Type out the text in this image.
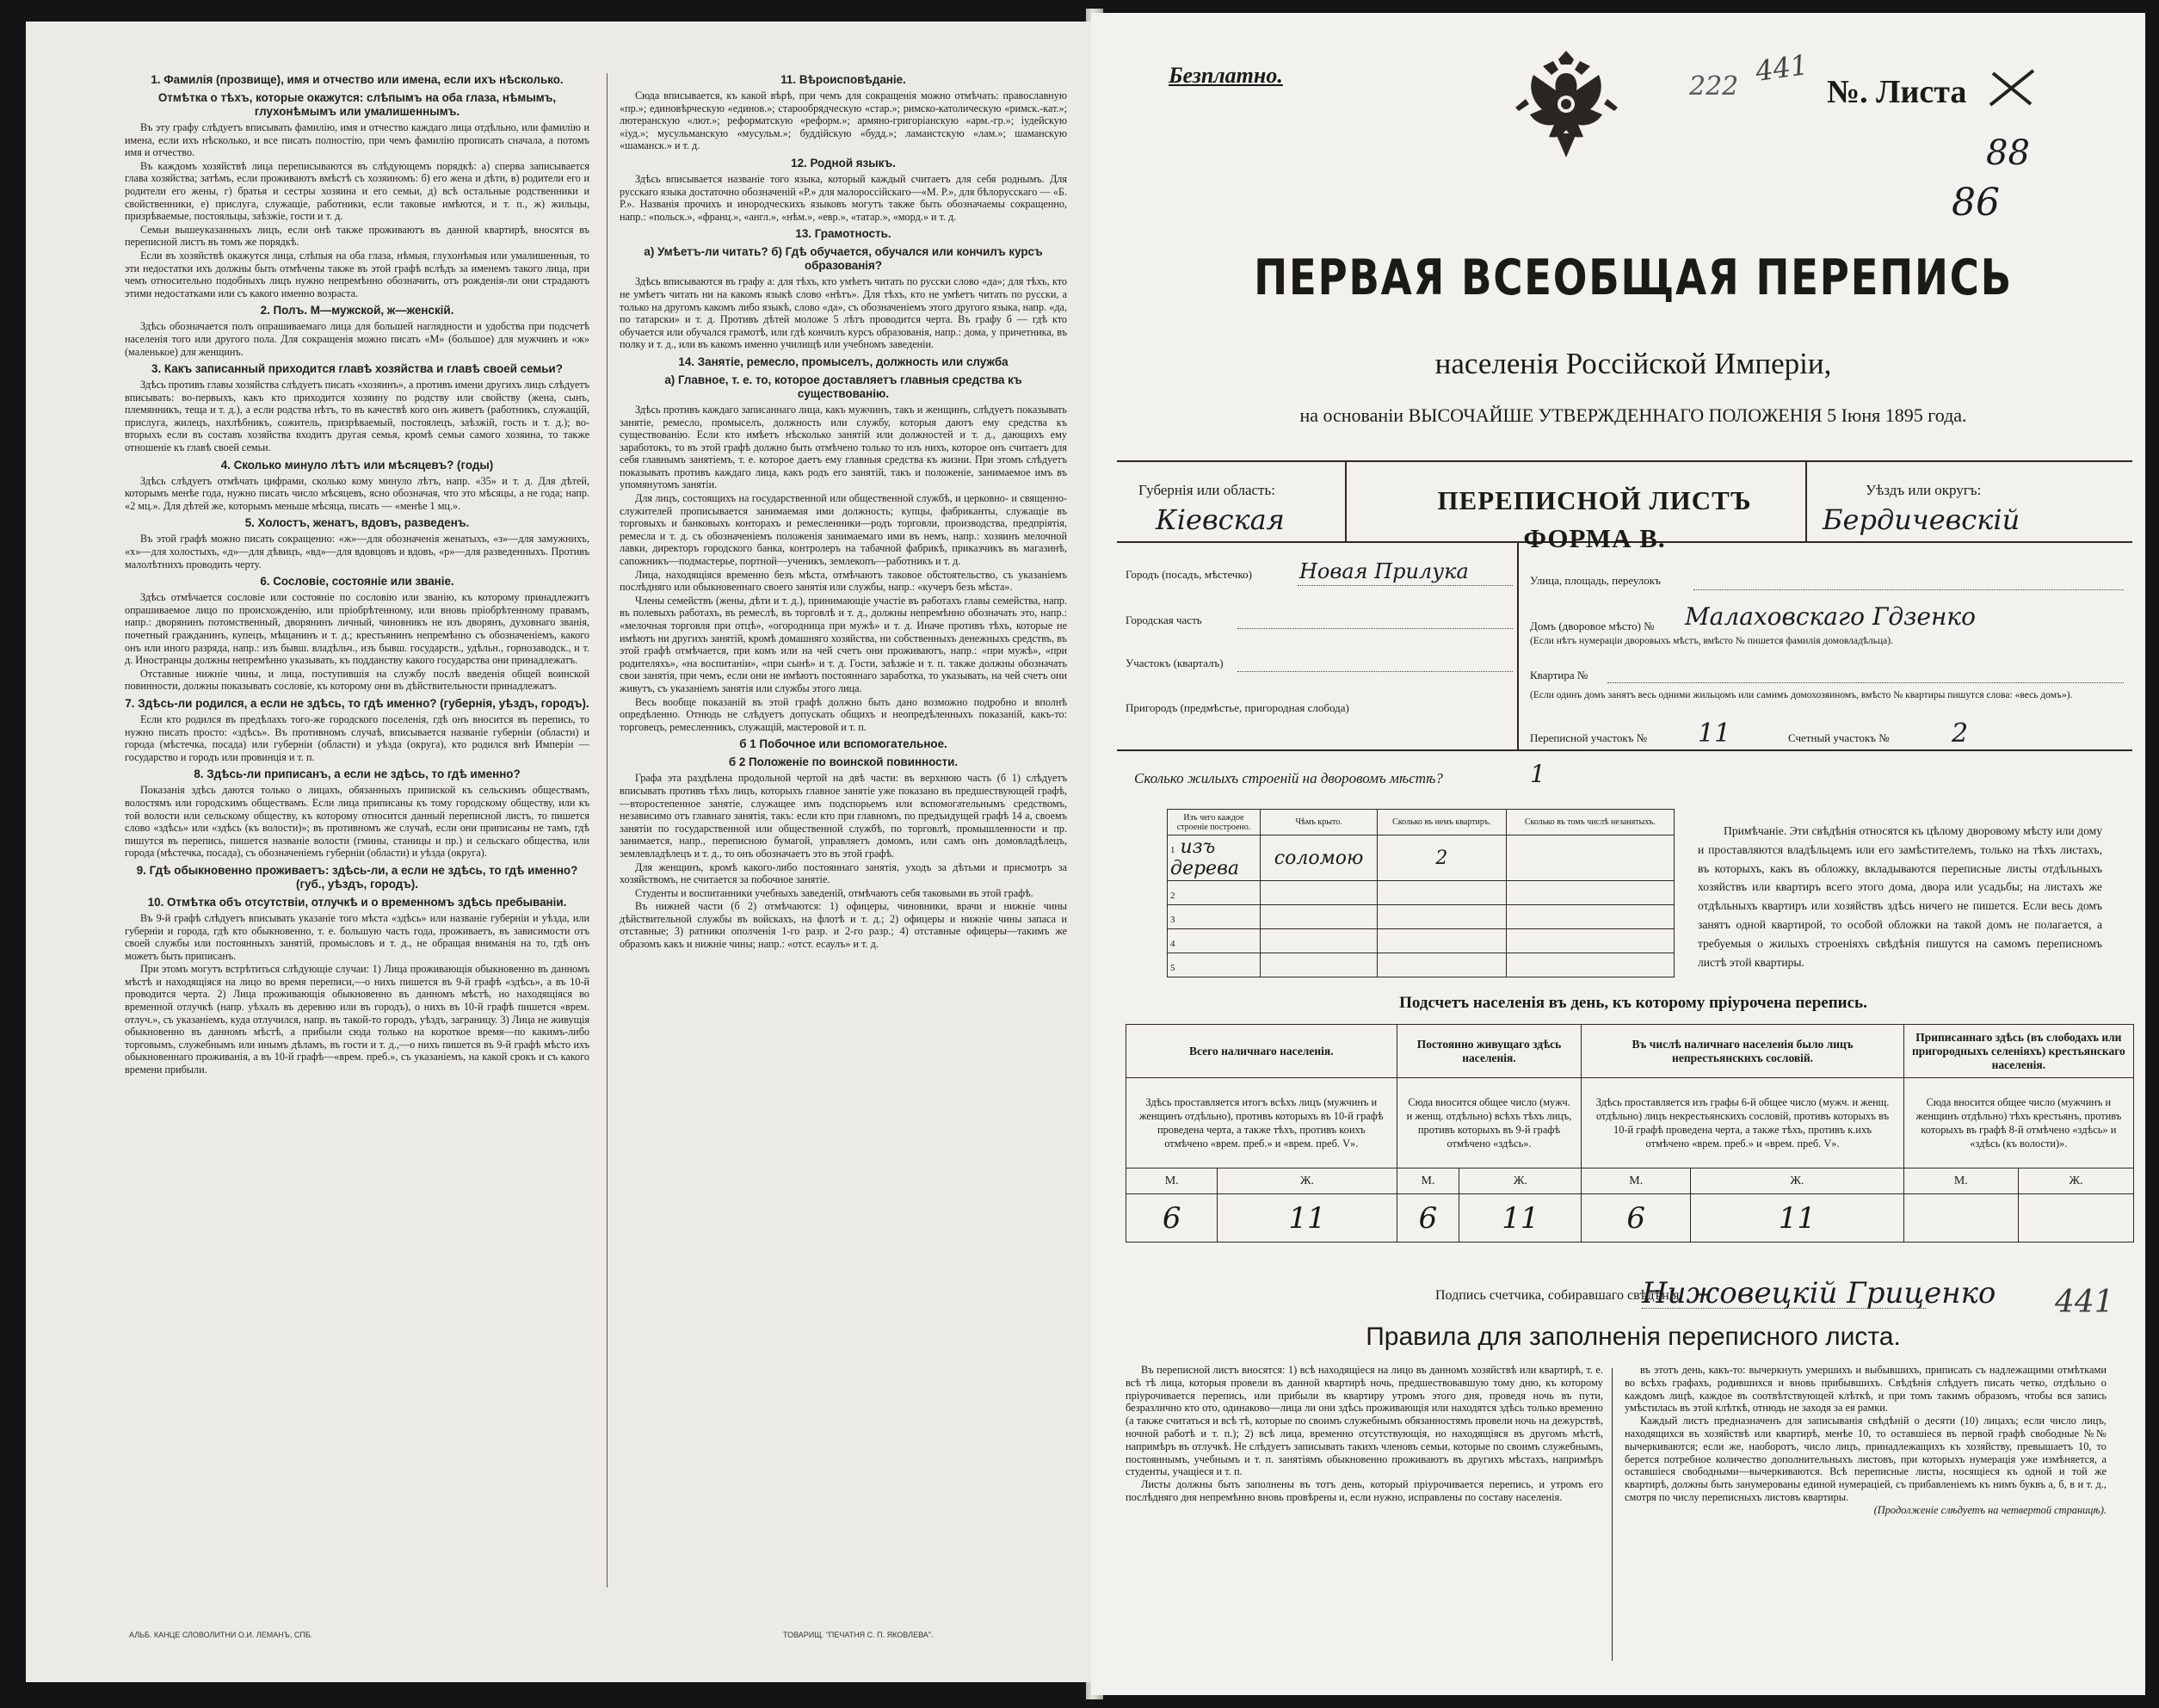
1. Фамилія (прозвище), имя и отчество или имена, если ихъ нѣсколько.
Отмѣтка о тѣхъ, которые окажутся: слѣпымъ на оба глаза, нѣмымъ, глухонѣмымъ или умалишеннымъ.

Въ эту графу слѣдуетъ вписывать фамилію, имя и отчество каждаго лица отдѣльно, или фамилію и имена, если ихъ нѣсколько, и все писать полностію, при чемъ фамилію прописать сначала, а потомъ имя и отчество.

Въ каждомъ хозяйствѣ лица переписываются въ слѣдующемъ порядкѣ: а) сперва записывается глава хозяйства; затѣмъ, если проживаютъ вмѣстѣ съ хозяиномъ: б) его жена и дѣти, в) родители его и родители его жены, г) братья и сестры хозяина и его семьи, д) всѣ остальные родственники и свойственники, е) прислуга, служащіе, работники, если таковые имѣются, и т. п., ж) жильцы, призрѣваемые, постояльцы, заѣзжіе, гости и т. д.

Семьи вышеуказанныхъ лицъ, если онѣ также проживаютъ въ данной квартирѣ, вносятся въ переписной листъ въ томъ же порядкѣ.

Если въ хозяйствѣ окажутся лица, слѣпыя на оба глаза, нѣмыя, глухонѣмыя или умалишенныя, то эти недостатки ихъ должны быть отмѣчены также въ этой графѣ вслѣдъ за именемъ такого лица, при чемъ относительно подобныхъ лицъ нужно непремѣнно обозначить, отъ рожденія-ли они страдаютъ этими недостатками или съ какого именно возраста.

2. Полъ. М—мужской, ж—женскій.

Здѣсь обозначается полъ опрашиваемаго лица для большей наглядности и удобства при подсчетѣ населенія того или другого пола. Для сокращенія можно писать «М» (большое) для мужчинъ и «ж» (маленькое) для женщинъ.

3. Какъ записанный приходится главѣ хозяйства и главѣ своей семьи?

Здѣсь противъ главы хозяйства слѣдуетъ писать «хозяинъ», а противъ имени другихъ лицъ слѣдуетъ вписывать: во-первыхъ, какъ кто приходится хозяину по родству или свойству (жена, сынъ, племянникъ, теща и т. д.), а если родства нѣтъ, то въ качествѣ кого онъ живетъ (работникъ, служащій, прислуга, жилецъ, нахлѣбникъ, сожитель, призрѣваемый, постоялецъ, заѣзжій, гость и т. д.); во-вторыхъ если въ составъ хозяйства входитъ другая семья, кромѣ семьи самого хозяина, то также отношеніе къ главѣ своей семьи.

4. Сколько минуло лѣтъ или мѣсяцевъ? (годы)

Здѣсь слѣдуетъ отмѣчать цифрами, сколько кому минуло лѣтъ, напр. «35» и т. д. Для дѣтей, которымъ менѣе года, нужно писать число мѣсяцевъ, ясно обозначая, что это мѣсяцы, а не года; напр. «2 мц.». Для дѣтей же, которымъ меньше мѣсяца, писать — «менѣе 1 мц.».

5. Холостъ, женатъ, вдовъ, разведенъ.

Въ этой графѣ можно писать сокращенно: «ж»—для обозначенія женатыхъ, «з»—для замужнихъ, «х»—для холостыхъ, «д»—для дѣвицъ, «вд»—для вдовцовъ и вдовъ, «р»—для разведенныхъ. Противъ малолѣтнихъ проводить черту.

6. Сословіе, состояніе или званіе.

Здѣсь отмѣчается сословіе или состояніе по сословію или званію, къ которому принадлежитъ опрашиваемое лицо по происхожденію, или пріобрѣтенному, или вновь пріобрѣтенному правамъ, напр.: дворянинъ потомственный, дворянинъ личный, чиновникъ не изъ дворянъ, духовнаго званія, почетный гражданинъ, купецъ, мѣщанинъ и т. д.; крестьянинъ непремѣнно съ обозначеніемъ, какого онъ или иного разряда, напр.: изъ бывш. владѣльч., изъ бывш. государств., удѣльн., горнозаводск., и т. д. Иностранцы должны непремѣнно указывать, къ подданству какого государства они принадлежатъ.

Отставные нижніе чины, и лица, поступившія на службу послѣ введенія общей воинской повинности, должны показывать сословіе, къ которому они въ дѣйствительности принадлежатъ.

7. Здѣсь-ли родился, а если не здѣсь, то гдѣ именно? (губернія, уѣздъ, городъ).

Если кто родился въ предѣлахъ того-же городского поселенія, гдѣ онъ вносится въ перепись, то нужно писать просто: «здѣсь». Въ противномъ случаѣ, вписывается названіе губерніи (области) и города (мѣстечка, посада) или губерніи (области) и уѣзда (округа), кто родился внѣ Имперіи — государство и городъ или провинція и т. п.

8. Здѣсь-ли приписанъ, а если не здѣсь, то гдѣ именно?

Показанія здѣсь даются только о лицахъ, обязанныхъ припиской къ сельскимъ обществамъ, волостямъ или городскимъ обществамъ. Если лица приписаны къ тому городскому обществу, или къ той волости или сельскому обществу, къ которому относится данный переписной листъ, то пишется слово «здѣсь» или «здѣсь (къ волости)»; въ противномъ же случаѣ, если они приписаны не тамъ, гдѣ пишутся въ перепись, пишется названіе волости (гмины, станицы и пр.) и сельскаго общества, или города (мѣстечка, посада), съ обозначеніемъ губерніи (области) и уѣзда (округа).

9. Гдѣ обыкновенно проживаетъ: здѣсь-ли, а если не здѣсь, то гдѣ именно? (губ., уѣздъ, городъ).
10. Отмѣтка объ отсутствіи, отлучкѣ и о временномъ здѣсь пребываніи.

Въ 9-й графѣ слѣдуетъ вписывать указаніе того мѣста «здѣсь» или названіе губерніи и уѣзда, или губерніи и города, гдѣ кто обыкновенно, т. е. большую часть года, проживаетъ, въ зависимости отъ своей службы или постоянныхъ занятій, промысловъ и т. д., не обращая вниманія на то, гдѣ онъ можетъ быть приписанъ.

При этомъ могутъ встрѣтиться слѣдующіе случаи: 1) Лица проживающія обыкновенно въ данномъ мѣстѣ и находящіяся на лицо во время переписи,—о нихъ пишется въ 9-й графѣ «здѣсь», а въ 10-й проводится черта. 2) Лица проживающія обыкновенно въ данномъ мѣстѣ, но находящіяся во временной отлучкѣ (напр. уѣхалъ въ деревню или въ городъ), о нихъ въ 10-й графѣ пишется «врем. отлуч.», съ указаніемъ, куда отлучился, напр. въ такой-то городъ, уѣздъ, заграницу. 3) Лица не живущія обыкновенно въ данномъ мѣстѣ, а прибыли сюда только на короткое время—по какимъ-либо торговымъ, служебнымъ или инымъ дѣламъ, въ гости и т. д.,—о нихъ пишется въ 9-й графѣ мѣсто ихъ обыкновеннаго проживанія, а въ 10-й графѣ—«врем. преб.», съ указаніемъ, на какой срокъ и съ какого времени прибыли.

11. Вѣроисповѣданіе.

Сюда вписывается, къ какой вѣрѣ, при чемъ для сокращенія можно отмѣчать: православную «пр.»; единовѣрческую «единов.»; старообрядческую «стар.»; римско-католическую «римск.-кат.»; лютеранскую «лют.»; реформатскую «реформ.»; армяно-григоріанскую «арм.-гр.»; іудейскую «іуд.»; мусульманскую «мусульм.»; буддійскую «будд.»; ламаистскую «лам.»; шаманскую «шаманск.» и т. д.

12. Родной языкъ.

Здѣсь вписывается названіе того языка, который каждый считаетъ для себя роднымъ. Для русскаго языка достаточно обозначеній «Р.» для малороссійскаго—«М. Р.», для бѣлорусскаго — «Б. Р.». Названія прочихъ и инородческихъ языковъ могутъ также быть обозначаемы сокращенно, напр.: «польск.», «франц.», «англ.», «нѣм.», «евр.», «татар.», «морд.» и т. д.

13. Грамотность.
а) Умѣетъ-ли читать? б) Гдѣ обучается, обучался или кончилъ курсъ образованія?

Здѣсь вписываются въ графу а: для тѣхъ, кто умѣетъ читать по русски слово «да»; для тѣхъ, кто не умѣетъ читать ни на какомъ языкѣ слово «нѣтъ». Для тѣхъ, кто не умѣетъ читать по русски, а только на другомъ какомъ либо языкѣ, слово «да», съ обозначеніемъ этого другого языка, напр. «да, по татарски» и т. д. Противъ дѣтей моложе 5 лѣтъ проводится черта. Въ графу б — гдѣ кто обучается или обучался грамотѣ, или гдѣ кончилъ курсъ образованія, напр.: дома, у причетника, въ полку и т. д., или въ какомъ именно училищѣ или учебномъ заведеніи.

14. Занятіе, ремесло, промыселъ, должность или служба
а) Главное, т. е. то, которое доставляетъ главныя средства къ существованію.

Здѣсь противъ каждаго записаннаго лица, какъ мужчинъ, такъ и женщинъ, слѣдуетъ показывать занятіе, ремесло, промыселъ, должность или службу, которыя даютъ ему средства къ существованію. Если кто имѣетъ нѣсколько занятій или должностей и т. д., дающихъ ему заработокъ, то въ этой графѣ должно быть отмѣчено только то изъ нихъ, которое онъ считаетъ для себя главнымъ занятіемъ, т. е. которое даетъ ему главныя средства къ жизни. При этомъ слѣдуетъ показывать противъ каждаго лица, какъ родъ его занятій, такъ и положеніе, занимаемое имъ въ упомянутомъ занятіи.

Для лицъ, состоящихъ на государственной или общественной службѣ, и церковно- и священно-служителей прописывается занимаемая ими должность; купцы, фабриканты, служащіе въ торговыхъ и банковыхъ конторахъ и ремесленники—родъ торговли, производства, предпріятія, ремесла и т. д. съ обозначеніемъ положенія занимаемаго ими въ немъ, напр.: хозяинъ мелочной лавки, директоръ городского банка, контролеръ на табачной фабрикѣ, приказчикъ въ магазинѣ, сапожникъ—подмастерье, портной—ученикъ, землекопъ—работникъ и т. д.

Лица, находящіяся временно безъ мѣста, отмѣчаютъ таковое обстоятельство, съ указаніемъ послѣдняго или обыкновеннаго своего занятія или службы, напр.: «кучеръ безъ мѣста».

Члены семействъ (жены, дѣти и т. д.), принимающіе участіе въ работахъ главы семейства, напр. въ полевыхъ работахъ, въ ремеслѣ, въ торговлѣ и т. д., должны непремѣнно обозначать это, напр.: «мелочная торговля при отцѣ», «огородница при мужѣ» и т. д. Иначе противъ тѣхъ, которые не имѣютъ ни другихъ занятій, кромѣ домашняго хозяйства, ни собственныхъ денежныхъ средствъ, въ этой графѣ отмѣчается, при комъ или на чей счетъ они проживаютъ, напр.: «при мужѣ», «при родителяхъ», «на воспитаніи», «при сынѣ» и т. д. Гости, заѣзжіе и т. п. также должны обозначать свои занятія, при чемъ, если они не имѣютъ постояннаго заработка, то указывать, на чей счетъ они живутъ, съ указаніемъ занятія или службы этого лица.

Весь вообще показаній въ этой графѣ должно быть дано возможно подробно и вполнѣ опредѣленно. Отнюдь не слѣдуетъ допускать общихъ и неопредѣленныхъ показаній, какъ-то: торговецъ, ремесленникъ, служащій, мастеровой и т. п.

б 1 Побочное или вспомогательное.
б 2 Положеніе по воинской повинности.

Графа эта раздѣлена продольной чертой на двѣ части: въ верхнюю часть (б 1) слѣдуетъ вписывать противъ тѣхъ лицъ, которыхъ главное занятіе уже показано въ предшествующей графѣ,—второстепенное занятіе, служащее имъ подспорьемъ или вспомогательнымъ средствомъ, независимо отъ главнаго занятія, такъ: если кто при главномъ, по предъидущей графѣ 14 а, своемъ занятіи по государственной или общественной службѣ, по торговлѣ, промышленности и пр. занимается, напр., переписною бумагой, управляетъ домомъ, или самъ онъ домовладѣлецъ, землевладѣлецъ и т. д., то онъ обозначаетъ это въ этой графѣ.

Для женщинъ, кромѣ какого-либо постояннаго занятія, уходъ за дѣтьми и присмотръ за хозяйствомъ, не считается за побочное занятіе.

Студенты и воспитанники учебныхъ заведеній, отмѣчаютъ себя таковыми въ этой графѣ.

Въ нижней части (б 2) отмѣчаются: 1) офицеры, чиновники, врачи и нижніе чины дѣйствительной службы въ войскахъ, на флотѣ и т. д.; 2) офицеры и нижніе чины запаса и отставные; 3) ратники ополченія 1-го разр. и 2-го разр.; 4) отставные офицеры—такимъ же образомъ какъ и нижніе чины; напр.: «отст. есаулъ» и т. д.

АЛЬБ. КАНЦЕ СЛОВОЛИТНИ О.И. ЛЕМАНЪ, СПБ.	ТОВАРИЩ. "ПЕЧАТНЯ С. П. ЯКОВЛЕВА".
Безплатно.	222 441
№. Листа
88
86
ПЕРВАЯ ВСЕОБЩАЯ ПЕРЕПИСЬ
населенія Россійской Имперіи,
на основаніи ВЫСОЧАЙШЕ УТВЕРЖДЕННАГО ПОЛОЖЕНІЯ 5 Іюня 1895 года.
Губернія или область:
Кіевская
ПЕРЕПИСНОЙ ЛИСТЪ
ФОРМА В.
Уѣздъ или округъ:
Бердичевскій
Городъ (посадъ, мѣстечко) Новая Прилука
Городская часть
Участокъ (кварталъ)
Пригородъ (предмѣстье, пригородная слобода)
Улица, площадь, переулокъ
Домъ (дворовое мѣсто) № Малаховскаго Гдзенко
(Если нѣтъ нумераціи дворовыхъ мѣстъ, вмѣсто № пишется фамилія домовладѣльца).
Квартира №
(Если одинъ домъ занятъ весь одними жильцомъ или самимъ домохозяиномъ, вмѣсто № квартиры пишутся слова: «весь домъ»).
Переписной участокъ № 11	Счетный участокъ № 2
Сколько жилыхъ строеній на дворовомъ мѣстѣ?	1
Изъ чего каждое строеніе построено.	Чѣмъ крыто.	Сколько въ немъ квартиръ.	Сколько въ томъ числѣ незанятыхъ.
1 изъ дерева	соломою	2	
2			
3			
4			
5			
Примѣчаніе. Эти свѣдѣнія относятся къ цѣлому дворовому мѣсту или дому и проставляются владѣльцемъ или его замѣстителемъ, только на тѣхъ листахъ, въ которыхъ, какъ въ обложку, вкладываются переписные листы отдѣльныхъ хозяйствъ или квартиръ всего этого дома, двора или усадьбы; на листахъ же отдѣльныхъ квартиръ или хозяйствъ здѣсь ничего не пишется. Если весь домъ занятъ одной квартирой, то особой обложки на такой домъ не полагается, а требуемыя о жилыхъ строеніяхъ свѣдѣнія пишутся на самомъ переписномъ листѣ этой квартиры.
Подсчетъ населенія въ день, къ которому пріурочена перепись.
Всего наличнаго населенія.		Постоянно живущаго здѣсь населенія.		Въ числѣ наличнаго населенія было лицъ непрестьянскихъ сословій.		Приписаннаго здѣсь (въ слободахъ или пригородныхъ селеніяхъ) крестьянскаго населенія.	
Здѣсь проставляется итогъ всѣхъ лицъ (мужчинъ и женщинъ отдѣльно), противъ которыхъ въ 10-й графѣ проведена черта, а также тѣхъ, противъ коихъ отмѣчено «врем. преб.» и «врем. преб. V».		Сюда вносится общее число (мужч. и женщ. отдѣльно) всѣхъ тѣхъ лицъ, противъ которыхъ въ 9-й графѣ отмѣчено «здѣсь».		Здѣсь проставляется изъ графы 6-й общее число (мужч. и женщ. отдѣльно) лицъ некрестьянскихъ сословій, противъ которыхъ въ 10-й графѣ проведена черта, а также тѣхъ, противъ к.ихъ отмѣчено «врем. преб.» и «врем. преб. V».		Сюда вносится общее число (мужчинъ и женщинъ отдѣльно) тѣхъ крестьянъ, противъ которыхъ въ графѣ 8-й отмѣчено «здѣсь» и «здѣсь (къ волости)».	
М.	Ж.	М.	Ж.	М.	Ж.	М.	Ж.
6	11	6	11	6	11		
Подпись счетчика, собиравшаго свѣдѣнія
Нижовецкій Гриценко 441
Правила для заполненія переписного листа.

Въ переписной листъ вносятся: 1) всѣ находящіеся на лицо въ данномъ хозяйствѣ или квартирѣ, т. е. всѣ тѣ лица, которыя провели въ данной квартирѣ ночь, предшествовавшую тому дню, къ которому пріурочивается перепись, или прибыли въ квартиру утромъ этого дня, проведя ночь въ пути, безразлично кто ото, одинаково—лица ли они здѣсь проживающія или находятся здѣсь только временно (а также считаться и всѣ тѣ, которые по своимъ служебнымъ обязанностямъ провели ночь на дежурствѣ, ночной работѣ и т. п.); 2) всѣ лица, временно отсутствующія, но находящіяся въ другомъ мѣстѣ, напримѣръ въ отлучкѣ. Не слѣдуетъ записывать такихъ членовъ семьи, которые по своимъ служебнымъ, постояннымъ, учебнымъ и т. п. занятіямъ обыкновенно проживаютъ въ другихъ мѣстахъ, напримѣръ студенты, учащіеся и т. п.

Листы должны быть заполнены въ тотъ день, который пріурочивается перепись, и утромъ его послѣдняго дня непремѣнно вновь провѣрены и, если нужно, исправлены по составу населенія.

въ этотъ день, какъ-то: вычеркнуть умершихъ и выбывшихъ, приписать съ надлежащими отмѣтками во всѣхъ графахъ, родившихся и вновь прибывшихъ. Свѣдѣнія слѣдуетъ писать четко, отдѣльно о каждомъ лицѣ, каждое въ соотвѣтствующей клѣткѣ, и при томъ такимъ образомъ, чтобы вся запись умѣстилась въ этой клѣткѣ, отнюдь не заходя за ея рамки.

Каждый листъ предназначенъ для записыванія свѣдѣній о десяти (10) лицахъ; если число лицъ, находящихся въ хозяйствѣ или квартирѣ, менѣе 10, то оставшіеся въ первой графѣ свободные №№ вычеркиваются; если же, наоборотъ, число лицъ, принадлежащихъ къ хозяйству, превышаетъ 10, то берется потребное количество дополнительныхъ листовъ, при которыхъ нумерація уже измѣняется, а оставшіеся свободными—вычеркиваются. Всѣ переписные листы, носящіеся къ одной и той же квартирѣ, должны быть занумерованы единой нумераціей, съ прибавленіемъ къ нимъ буквъ а, б, в и т. д., смотря по числу переписныхъ листовъ квартиры.

(Продолженіе слѣдуетъ на четвертой страницѣ).
